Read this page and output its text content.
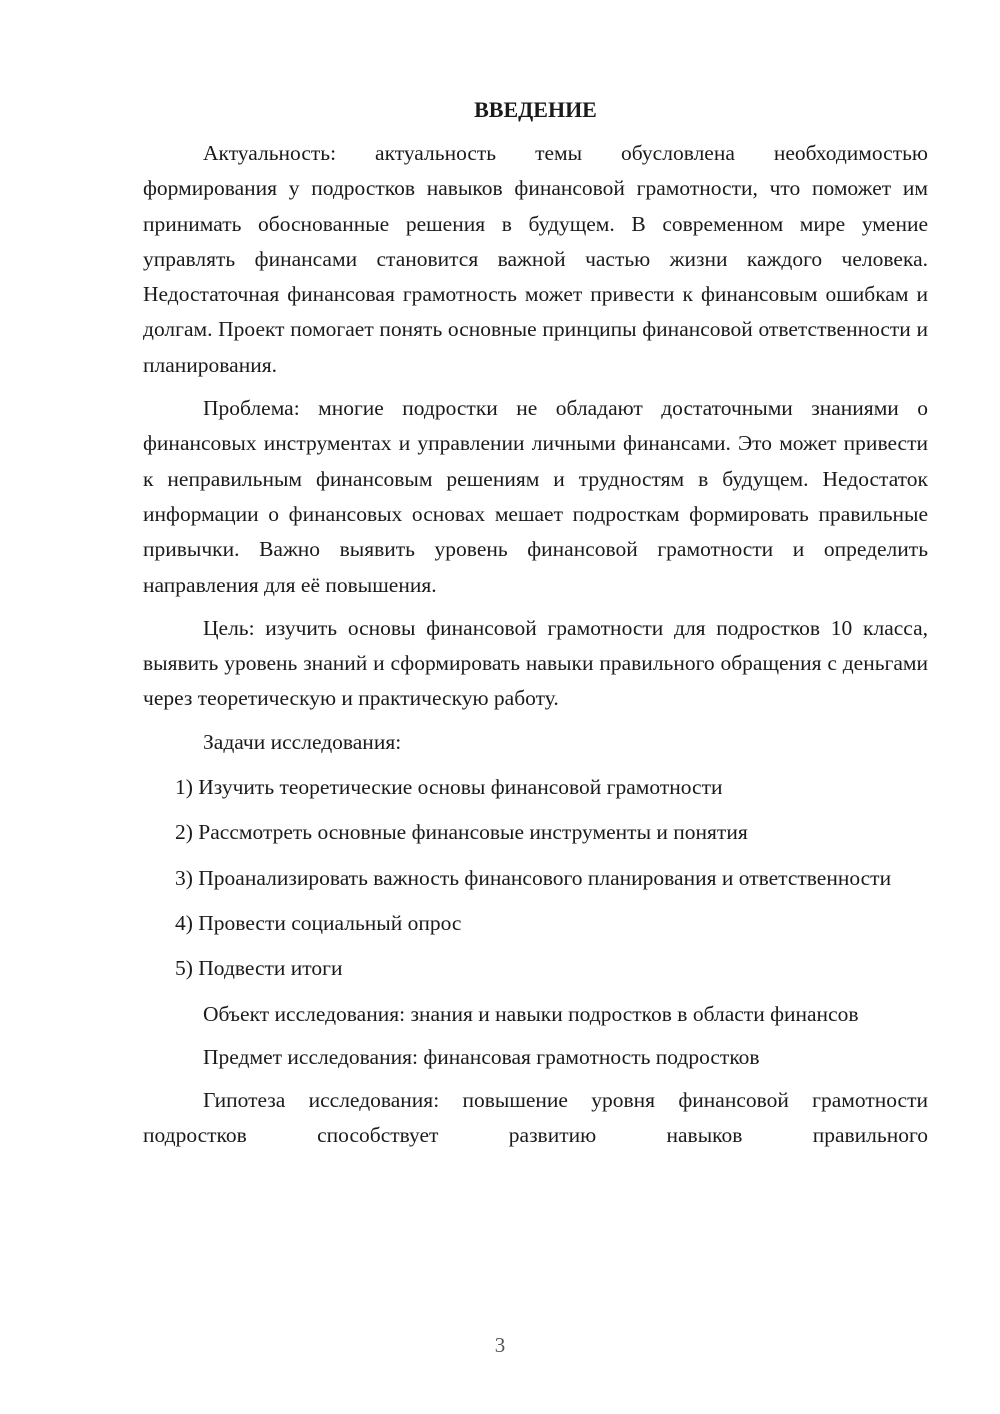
ВВЕДЕНИЕ

Актуальность: актуальность темы обусловлена необходимостью формирования у подростков навыков финансовой грамотности, что поможет им принимать обоснованные решения в будущем. В современном мире умение управлять финансами становится важной частью жизни каждого человека. Недостаточная финансовая грамотность может привести к финансовым ошибкам и долгам. Проект помогает понять основные принципы финансовой ответственности и планирования.

Проблема: многие подростки не обладают достаточными знаниями о финансовых инструментах и управлении личными финансами. Это может привести к неправильным финансовым решениям и трудностям в будущем. Недостаток информации о финансовых основах мешает подросткам формировать правильные привычки. Важно выявить уровень финансовой грамотности и определить направления для её повышения.

Цель: изучить основы финансовой грамотности для подростков 10 класса, выявить уровень знаний и сформировать навыки правильного обращения с деньгами через теоретическую и практическую работу.

Задачи исследования:

1) Изучить теоретические основы финансовой грамотности

2) Рассмотреть основные финансовые инструменты и понятия

3) Проанализировать важность финансового планирования и ответственности

4) Провести социальный опрос

5) Подвести итоги

Объект исследования: знания и навыки подростков в области финансов

Предмет исследования: финансовая грамотность подростков

Гипотеза исследования: повышение уровня финансовой грамотности подростков способствует развитию навыков правильного

3
